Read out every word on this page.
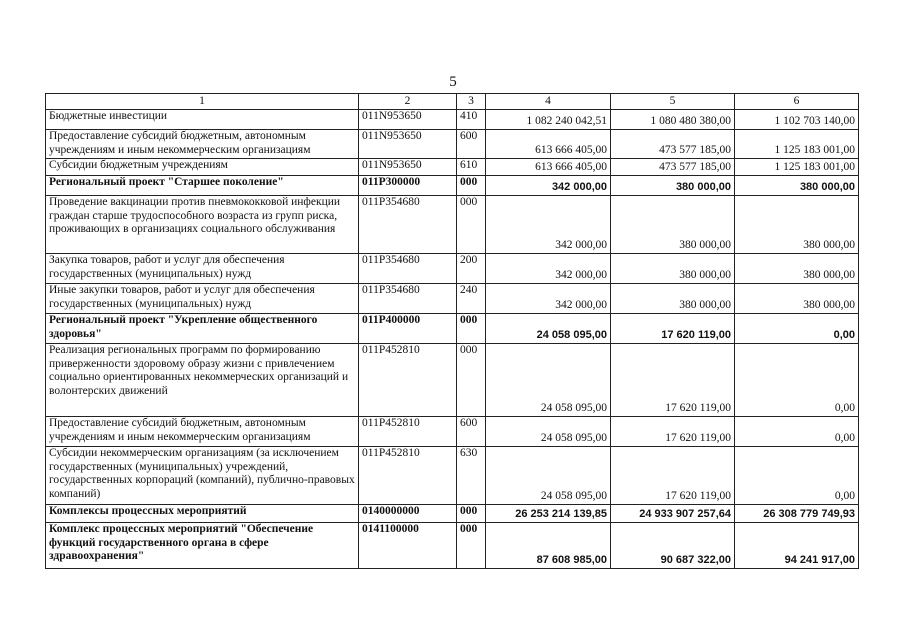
5
1	2	3	4	5	6
Бюджетные инвестиции	011N953650	410	1 082 240 042,51	1 080 480 380,00	1 102 703 140,00
Предоставление субсидий бюджетным, автономным учреждениям и иным некоммерческим организациям	011N953650	600	613 666 405,00	473 577 185,00	1 125 183 001,00
Субсидии бюджетным учреждениям	011N953650	610	613 666 405,00	473 577 185,00	1 125 183 001,00
Региональный проект "Старшее поколение"	011P300000	000	342 000,00	380 000,00	380 000,00
Проведение вакцинации против пневмококковой инфекции граждан старше трудоспособного возраста из групп риска, проживающих в организациях социального обслуживания	011P354680	000	342 000,00	380 000,00	380 000,00
Закупка товаров, работ и услуг для обеспечения государственных (муниципальных) нужд	011P354680	200	342 000,00	380 000,00	380 000,00
Иные закупки товаров, работ и услуг для обеспечения государственных (муниципальных) нужд	011P354680	240	342 000,00	380 000,00	380 000,00
Региональный проект "Укрепление общественного здоровья"	011P400000	000	24 058 095,00	17 620 119,00	0,00
Реализация региональных программ по формированию приверженности здоровому образу жизни с привлечением социально ориентированных некоммерческих организаций и волонтерских движений	011P452810	000	24 058 095,00	17 620 119,00	0,00
Предоставление субсидий бюджетным, автономным учреждениям и иным некоммерческим организациям	011P452810	600	24 058 095,00	17 620 119,00	0,00
Субсидии некоммерческим организациям (за исключением государственных (муниципальных) учреждений, государственных корпораций (компаний), публично-правовых компаний)	011P452810	630	24 058 095,00	17 620 119,00	0,00
Комплексы процессных мероприятий	0140000000	000	26 253 214 139,85	24 933 907 257,64	26 308 779 749,93
Комплекс процессных мероприятий "Обеспечение функций государственного органа в сфере здравоохранения"	0141100000	000	87 608 985,00	90 687 322,00	94 241 917,00
